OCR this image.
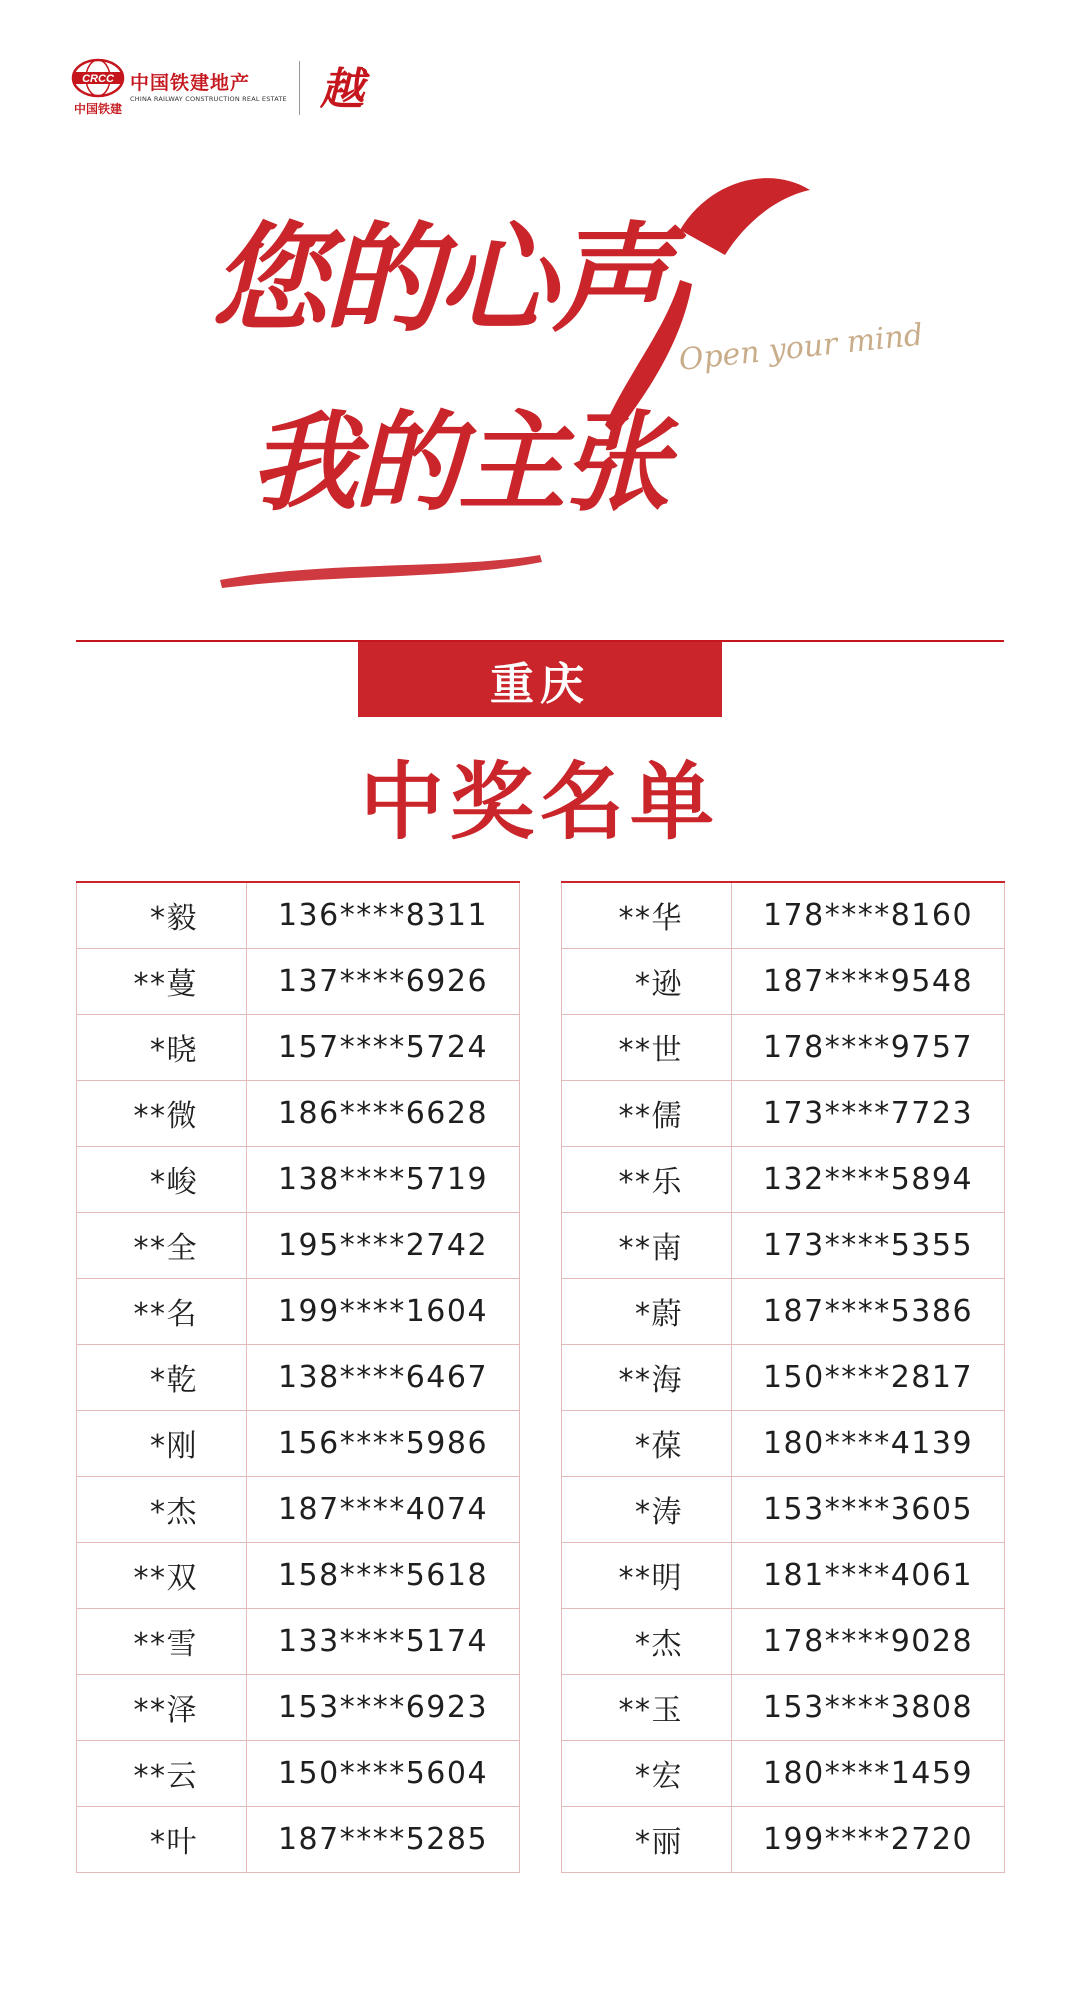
CRCC
中国铁建
中国铁建地产
CHINA RAILWAY CONSTRUCTION REAL ESTATE 越
您的心声
我的主张
Open your mind
重庆
中奖名单
*毅	136****8311
**蔓	137****6926
*晓	157****5724
**微	186****6628
*峻	138****5719
**全	195****2742
**名	199****1604
*乾	138****6467
*刚	156****5986
*杰	187****4074
**双	158****5618
**雪	133****5174
**泽	153****6923
**云	150****5604
*叶	187****5285
**华	178****8160
*逊	187****9548
**世	178****9757
**儒	173****7723
**乐	132****5894
**南	173****5355
*蔚	187****5386
**海	150****2817
*葆	180****4139
*涛	153****3605
**明	181****4061
*杰	178****9028
**玉	153****3808
*宏	180****1459
*丽	199****2720
